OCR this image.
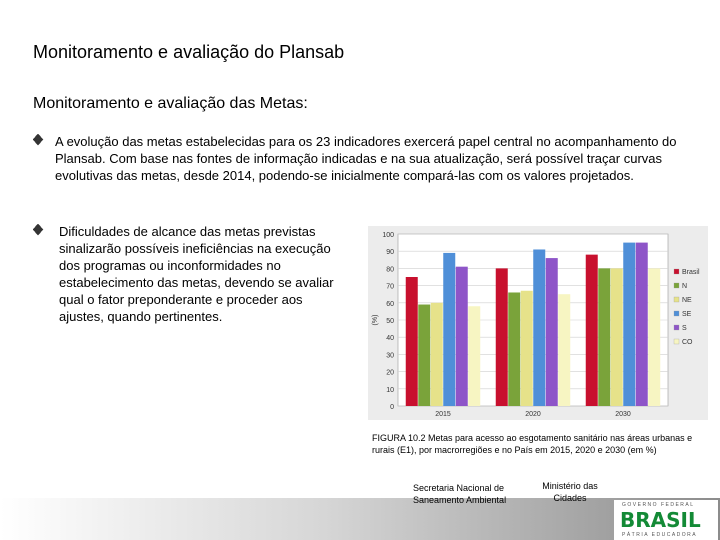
Monitoramento e avaliação do Plansab
Monitoramento e avaliação das Metas:
A evolução das metas estabelecidas para os 23 indicadores exercerá papel central no acompanhamento do Plansab. Com base nas fontes de informação indicadas e na sua atualização, será possível traçar curvas evolutivas das metas, desde 2014, podendo-se inicialmente compará-las com os valores projetados.
Dificuldades de alcance das metas previstas sinalizarão possíveis ineficiências na execução dos programas ou inconformidades no estabelecimento das metas, devendo se avaliar qual o fator preponderante e proceder aos ajustes, quando pertinentes.
0
10
20
30
40
50
60
70
80
90
100
(%)
2015	2020	2030
Brasil
N
NE
SE
S
CO
FIGURA 10.2 Metas para acesso ao esgotamento sanitário nas áreas urbanas e rurais (E1), por macrorregiões e no País em 2015, 2020 e 2030 (em %)
Secretaria Nacional de Saneamento Ambiental
Ministério das Cidades
GOVERNO FEDERAL
BRASIL
PÁTRIA EDUCADORA
